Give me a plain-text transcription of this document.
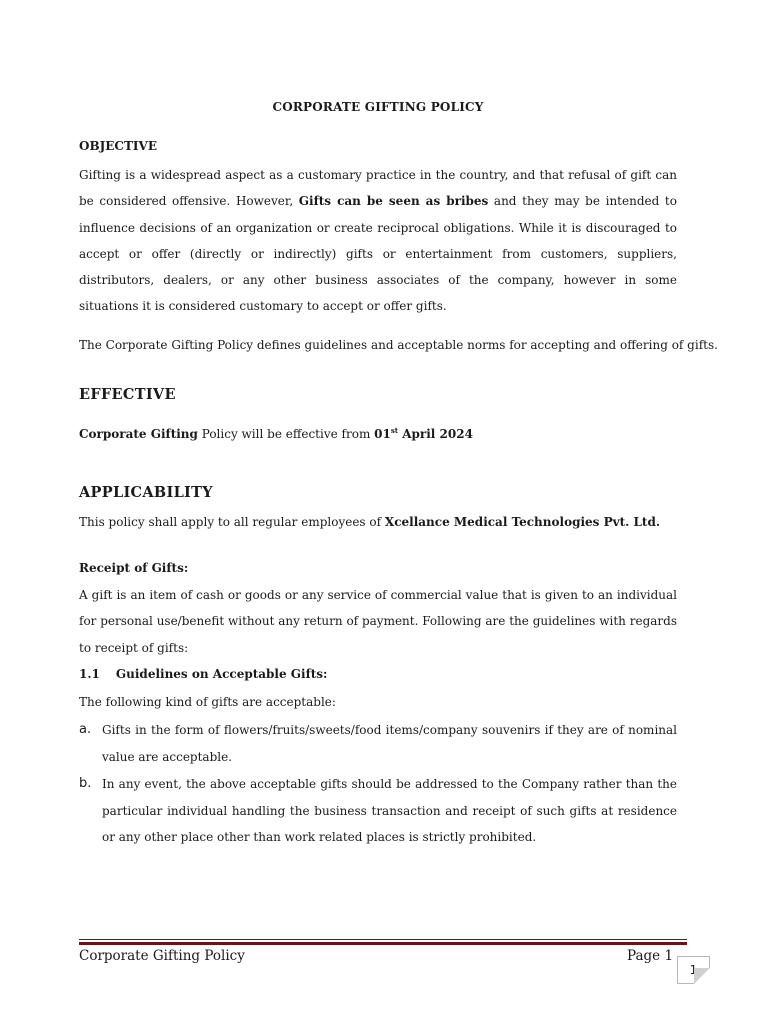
CORPORATE GIFTING POLICY
OBJECTIVE

Gifting is a widespread aspect as a customary practice in the country, and that refusal of gift can be considered offensive. However, Gifts can be seen as bribes and they may be intended to influence decisions of an organization or create reciprocal obligations. While it is discouraged to accept or offer (directly or indirectly) gifts or entertainment from customers, suppliers, distributors, dealers, or any other business associates of the company, however in some situations it is considered customary to accept or offer gifts.

The Corporate Gifting Policy defines guidelines and acceptable norms for accepting and offering of gifts.
EFFECTIVE
Corporate Gifting Policy will be effective from 01st April 2024
APPLICABILITY
This policy shall apply to all regular employees of Xcellance Medical Technologies Pvt. Ltd.
Receipt of Gifts:

A gift is an item of cash or goods or any service of commercial value that is given to an individual for personal use/benefit without any return of payment. Following are the guidelines with regards to receipt of gifts:

1.1 Guidelines on Acceptable Gifts:
The following kind of gifts are acceptable:
a. Gifts in the form of flowers/fruits/sweets/food items/company souvenirs if they are of nominal value are acceptable.
b. In any event, the above acceptable gifts should be addressed to the Company rather than the particular individual handling the business transaction and receipt of such gifts at residence or any other place other than work related places is strictly prohibited.
Corporate Gifting Policy	Page 1
1
